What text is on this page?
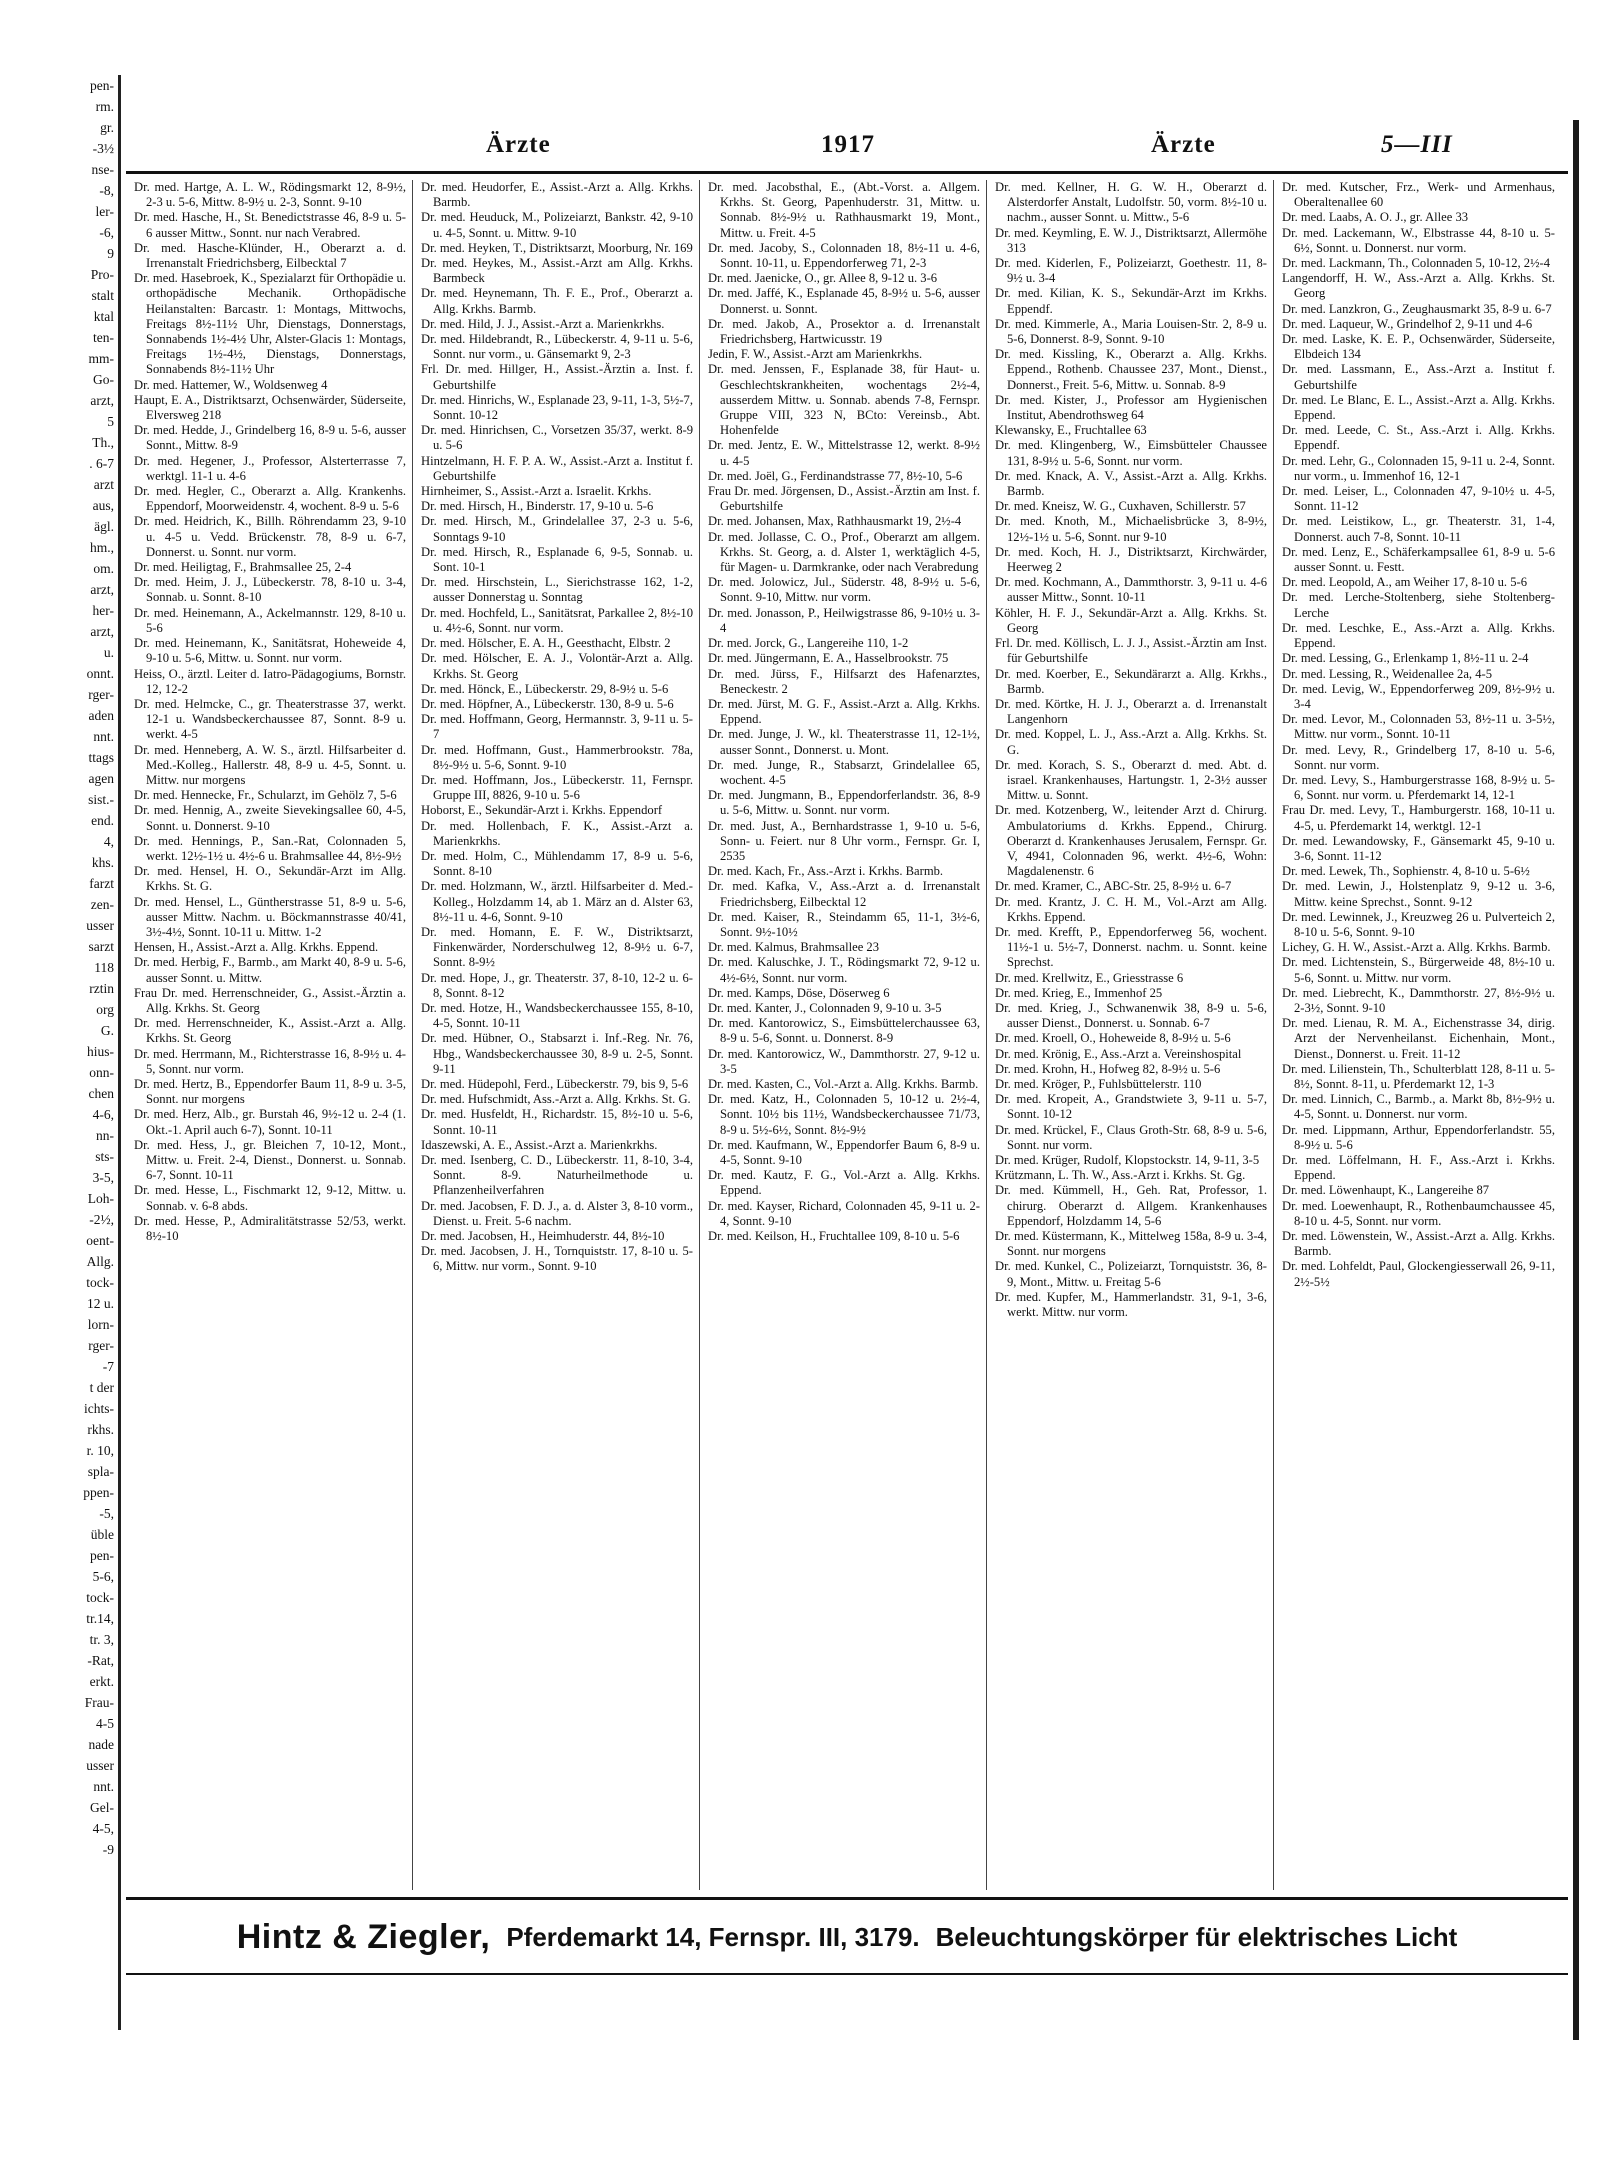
pen-
rm.
gr.
-3½
nse-
-8,
ler-
-6,
9
Pro-
stalt
ktal
ten-
mm-
Go-
arzt,
5
Th.,
. 6-7
arzt
aus,
ägl.
hm.,
om.
arzt,
her-
arzt,
u.
onnt.
rger-
aden
nnt.
ttags
agen
sist.-
end.
4,
khs.
farzt
zen-
usser
sarzt
118
rztin
org
G.
hius-
onn-
chen
4-6,
nn-
sts-
3-5,
Loh-
-2½,
oent-
Allg.
tock-
12 u.
lorn-
rger-
-7
t der
ichts-
rkhs.
r. 10,
spla-
ppen-
-5,
üble
pen-
5-6,
tock-
tr.14,
tr. 3,
-Rat,
erkt.
Frau-
4-5
nade
usser
nnt.
Gel-
4-5,
-9
Ärzte	1917	Ärzte	5—III

Dr. med. Hartge, A. L. W., Rödingsmarkt 12, 8-9½, 2-3 u. 5-6, Mittw. 8-9½ u. 2-3, Sonnt. 9-10

Dr. med. Hasche, H., St. Benedictstrasse 46, 8-9 u. 5-6 ausser Mittw., Sonnt. nur nach Verabred.

Dr. med. Hasche-Klünder, H., Oberarzt a. d. Irrenanstalt Friedrichsberg, Eilbecktal 7

Dr. med. Hasebroek, K., Spezialarzt für Orthopädie u. orthopädische Mechanik. Orthopädische Heilanstalten: Barcastr. 1: Montags, Mittwochs, Freitags 8½-11½ Uhr, Dienstags, Donnerstags, Sonnabends 1½-4½ Uhr, Alster-Glacis 1: Montags, Freitags 1½-4½, Dienstags, Donnerstags, Sonnabends 8½-11½ Uhr

Dr. med. Hattemer, W., Woldsenweg 4

Haupt, E. A., Distriktsarzt, Ochsenwärder, Süderseite, Elversweg 218

Dr. med. Hedde, J., Grindelberg 16, 8-9 u. 5-6, ausser Sonnt., Mittw. 8-9

Dr. med. Hegener, J., Professor, Alsterterrasse 7, werktgl. 11-1 u. 4-6

Dr. med. Hegler, C., Oberarzt a. Allg. Krankenhs. Eppendorf, Moorweidenstr. 4, wochent. 8-9 u. 5-6

Dr. med. Heidrich, K., Billh. Röhrendamm 23, 9-10 u. 4-5 u. Vedd. Brückenstr. 78, 8-9 u. 6-7, Donnerst. u. Sonnt. nur vorm.

Dr. med. Heiligtag, F., Brahmsallee 25, 2-4

Dr. med. Heim, J. J., Lübeckerstr. 78, 8-10 u. 3-4, Sonnab. u. Sonnt. 8-10

Dr. med. Heinemann, A., Ackelmannstr. 129, 8-10 u. 5-6

Dr. med. Heinemann, K., Sanitätsrat, Hoheweide 4, 9-10 u. 5-6, Mittw. u. Sonnt. nur vorm.

Heiss, O., ärztl. Leiter d. Iatro-Pädagogiums, Bornstr. 12, 12-2

Dr. med. Helmcke, C., gr. Theaterstrasse 37, werkt. 12-1 u. Wandsbeckerchaussee 87, Sonnt. 8-9 u. werkt. 4-5

Dr. med. Henneberg, A. W. S., ärztl. Hilfsarbeiter d. Med.-Kolleg., Hallerstr. 48, 8-9 u. 4-5, Sonnt. u. Mittw. nur morgens

Dr. med. Hennecke, Fr., Schularzt, im Gehölz 7, 5-6

Dr. med. Hennig, A., zweite Sievekingsallee 60, 4-5, Sonnt. u. Donnerst. 9-10

Dr. med. Hennings, P., San.-Rat, Colonnaden 5, werkt. 12½-1½ u. 4½-6 u. Brahmsallee 44, 8½-9½

Dr. med. Hensel, H. O., Sekundär-Arzt im Allg. Krkhs. St. G.

Dr. med. Hensel, L., Güntherstrasse 51, 8-9 u. 5-6, ausser Mittw. Nachm. u. Böckmannstrasse 40/41, 3½-4½, Sonnt. 10-11 u. Mittw. 1-2

Hensen, H., Assist.-Arzt a. Allg. Krkhs. Eppend.

Dr. med. Herbig, F., Barmb., am Markt 40, 8-9 u. 5-6, ausser Sonnt. u. Mittw.

Frau Dr. med. Herrenschneider, G., Assist.-Ärztin a. Allg. Krkhs. St. Georg

Dr. med. Herrenschneider, K., Assist.-Arzt a. Allg. Krkhs. St. Georg

Dr. med. Herrmann, M., Richterstrasse 16, 8-9½ u. 4-5, Sonnt. nur vorm.

Dr. med. Hertz, B., Eppendorfer Baum 11, 8-9 u. 3-5, Sonnt. nur morgens

Dr. med. Herz, Alb., gr. Burstah 46, 9½-12 u. 2-4 (1. Okt.-1. April auch 6-7), Sonnt. 10-11

Dr. med. Hess, J., gr. Bleichen 7, 10-12, Mont., Mittw. u. Freit. 2-4, Dienst., Donnerst. u. Sonnab. 6-7, Sonnt. 10-11

Dr. med. Hesse, L., Fischmarkt 12, 9-12, Mittw. u. Sonnab. v. 6-8 abds.

Dr. med. Hesse, P., Admiralitätstrasse 52/53, werkt. 8½-10

Dr. med. Heudorfer, E., Assist.-Arzt a. Allg. Krkhs. Barmb.

Dr. med. Heuduck, M., Polizeiarzt, Bankstr. 42, 9-10 u. 4-5, Sonnt. u. Mittw. 9-10

Dr. med. Heyken, T., Distriktsarzt, Moorburg, Nr. 169

Dr. med. Heykes, M., Assist.-Arzt am Allg. Krkhs. Barmbeck

Dr. med. Heynemann, Th. F. E., Prof., Oberarzt a. Allg. Krkhs. Barmb.

Dr. med. Hild, J. J., Assist.-Arzt a. Marienkrkhs.

Dr. med. Hildebrandt, R., Lübeckerstr. 4, 9-11 u. 5-6, Sonnt. nur vorm., u. Gänsemarkt 9, 2-3

Frl. Dr. med. Hillger, H., Assist.-Ärztin a. Inst. f. Geburtshilfe

Dr. med. Hinrichs, W., Esplanade 23, 9-11, 1-3, 5½-7, Sonnt. 10-12

Dr. med. Hinrichsen, C., Vorsetzen 35/37, werkt. 8-9 u. 5-6

Hintzelmann, H. F. P. A. W., Assist.-Arzt a. Institut f. Geburtshilfe

Hirnheimer, S., Assist.-Arzt a. Israelit. Krkhs.

Dr. med. Hirsch, H., Binderstr. 17, 9-10 u. 5-6

Dr. med. Hirsch, M., Grindelallee 37, 2-3 u. 5-6, Sonntags 9-10

Dr. med. Hirsch, R., Esplanade 6, 9-5, Sonnab. u. Sont. 10-1

Dr. med. Hirschstein, L., Sierichstrasse 162, 1-2, ausser Donnerstag u. Sonntag

Dr. med. Hochfeld, L., Sanitätsrat, Parkallee 2, 8½-10 u. 4½-6, Sonnt. nur vorm.

Dr. med. Hölscher, E. A. H., Geesthacht, Elbstr. 2

Dr. med. Hölscher, E. A. J., Volontär-Arzt a. Allg. Krkhs. St. Georg

Dr. med. Hönck, E., Lübeckerstr. 29, 8-9½ u. 5-6

Dr. med. Höpfner, A., Lübeckerstr. 130, 8-9 u. 5-6

Dr. med. Hoffmann, Georg, Hermannstr. 3, 9-11 u. 5-7

Dr. med. Hoffmann, Gust., Hammerbrookstr. 78a, 8½-9½ u. 5-6, Sonnt. 9-10

Dr. med. Hoffmann, Jos., Lübeckerstr. 11, Fernspr. Gruppe III, 8826, 9-10 u. 5-6

Hoborst, E., Sekundär-Arzt i. Krkhs. Eppendorf

Dr. med. Hollenbach, F. K., Assist.-Arzt a. Marienkrkhs.

Dr. med. Holm, C., Mühlendamm 17, 8-9 u. 5-6, Sonnt. 8-10

Dr. med. Holzmann, W., ärztl. Hilfsarbeiter d. Med.-Kolleg., Holzdamm 14, ab 1. März an d. Alster 63, 8½-11 u. 4-6, Sonnt. 9-10

Dr. med. Homann, E. F. W., Distriktsarzt, Finkenwärder, Norderschulweg 12, 8-9½ u. 6-7, Sonnt. 8-9½

Dr. med. Hope, J., gr. Theaterstr. 37, 8-10, 12-2 u. 6-8, Sonnt. 8-12

Dr. med. Hotze, H., Wandsbeckerchaussee 155, 8-10, 4-5, Sonnt. 10-11

Dr. med. Hübner, O., Stabsarzt i. Inf.-Reg. Nr. 76, Hbg., Wandsbeckerchaussee 30, 8-9 u. 2-5, Sonnt. 9-11

Dr. med. Hüdepohl, Ferd., Lübeckerstr. 79, bis 9, 5-6

Dr. med. Hufschmidt, Ass.-Arzt a. Allg. Krkhs. St. G.

Dr. med. Husfeldt, H., Richardstr. 15, 8½-10 u. 5-6, Sonnt. 10-11

Idaszewski, A. E., Assist.-Arzt a. Marienkrkhs.

Dr. med. Isenberg, C. D., Lübeckerstr. 11, 8-10, 3-4, Sonnt. 8-9. Naturheilmethode u. Pflanzenheilverfahren

Dr. med. Jacobsen, F. D. J., a. d. Alster 3, 8-10 vorm., Dienst. u. Freit. 5-6 nachm.

Dr. med. Jacobsen, H., Heimhuderstr. 44, 8½-10

Dr. med. Jacobsen, J. H., Tornquiststr. 17, 8-10 u. 5-6, Mittw. nur vorm., Sonnt. 9-10

Dr. med. Jacobsthal, E., (Abt.-Vorst. a. Allgem. Krkhs. St. Georg, Papenhuderstr. 31, Mittw. u. Sonnab. 8½-9½ u. Rathhausmarkt 19, Mont., Mittw. u. Freit. 4-5

Dr. med. Jacoby, S., Colonnaden 18, 8½-11 u. 4-6, Sonnt. 10-11, u. Eppendorferweg 71, 2-3

Dr. med. Jaenicke, O., gr. Allee 8, 9-12 u. 3-6

Dr. med. Jaffé, K., Esplanade 45, 8-9½ u. 5-6, ausser Donnerst. u. Sonnt.

Dr. med. Jakob, A., Prosektor a. d. Irrenanstalt Friedrichsberg, Hartwicusstr. 19

Jedin, F. W., Assist.-Arzt am Marienkrkhs.

Dr. med. Jenssen, F., Esplanade 38, für Haut- u. Geschlechtskrankheiten, wochentags 2½-4, ausserdem Mittw. u. Sonnab. abends 7-8, Fernspr. Gruppe VIII, 323 N, BCto: Vereinsb., Abt. Hohenfelde

Dr. med. Jentz, E. W., Mittelstrasse 12, werkt. 8-9½ u. 4-5

Dr. med. Joël, G., Ferdinandstrasse 77, 8½-10, 5-6

Frau Dr. med. Jörgensen, D., Assist.-Ärztin am Inst. f. Geburtshilfe

Dr. med. Johansen, Max, Rathhausmarkt 19, 2½-4

Dr. med. Jollasse, C. O., Prof., Oberarzt am allgem. Krkhs. St. Georg, a. d. Alster 1, werktäglich 4-5, für Magen- u. Darmkranke, oder nach Verabredung

Dr. med. Jolowicz, Jul., Süderstr. 48, 8-9½ u. 5-6, Sonnt. 9-10, Mittw. nur vorm.

Dr. med. Jonasson, P., Heilwigstrasse 86, 9-10½ u. 3-4

Dr. med. Jorck, G., Langereihe 110, 1-2

Dr. med. Jüngermann, E. A., Hasselbrookstr. 75

Dr. med. Jürss, F., Hilfsarzt des Hafenarztes, Beneckestr. 2

Dr. med. Jürst, M. G. F., Assist.-Arzt a. Allg. Krkhs. Eppend.

Dr. med. Junge, J. W., kl. Theaterstrasse 11, 12-1½, ausser Sonnt., Donnerst. u. Mont.

Dr. med. Junge, R., Stabsarzt, Grindelallee 65, wochent. 4-5

Dr. med. Jungmann, B., Eppendorferlandstr. 36, 8-9 u. 5-6, Mittw. u. Sonnt. nur vorm.

Dr. med. Just, A., Bernhardstrasse 1, 9-10 u. 5-6, Sonn- u. Feiert. nur 8 Uhr vorm., Fernspr. Gr. I, 2535

Dr. med. Kach, Fr., Ass.-Arzt i. Krkhs. Barmb.

Dr. med. Kafka, V., Ass.-Arzt a. d. Irrenanstalt Friedrichsberg, Eilbecktal 12

Dr. med. Kaiser, R., Steindamm 65, 11-1, 3½-6, Sonnt. 9½-10½

Dr. med. Kalmus, Brahmsallee 23

Dr. med. Kaluschke, J. T., Rödingsmarkt 72, 9-12 u. 4½-6½, Sonnt. nur vorm.

Dr. med. Kamps, Döse, Döserweg 6

Dr. med. Kanter, J., Colonnaden 9, 9-10 u. 3-5

Dr. med. Kantorowicz, S., Eimsbüttelerchaussee 63, 8-9 u. 5-6, Sonnt. u. Donnerst. 8-9

Dr. med. Kantorowicz, W., Dammthorstr. 27, 9-12 u. 3-5

Dr. med. Kasten, C., Vol.-Arzt a. Allg. Krkhs. Barmb.

Dr. med. Katz, H., Colonnaden 5, 10-12 u. 2½-4, Sonnt. 10½ bis 11½, Wandsbeckerchaussee 71/73, 8-9 u. 5½-6½, Sonnt. 8½-9½

Dr. med. Kaufmann, W., Eppendorfer Baum 6, 8-9 u. 4-5, Sonnt. 9-10

Dr. med. Kautz, F. G., Vol.-Arzt a. Allg. Krkhs. Eppend.

Dr. med. Kayser, Richard, Colonnaden 45, 9-11 u. 2-4, Sonnt. 9-10

Dr. med. Keilson, H., Fruchtallee 109, 8-10 u. 5-6

Dr. med. Kellner, H. G. W. H., Oberarzt d. Alsterdorfer Anstalt, Ludolfstr. 50, vorm. 8½-10 u. nachm., ausser Sonnt. u. Mittw., 5-6

Dr. med. Keymling, E. W. J., Distriktsarzt, Allermöhe 313

Dr. med. Kiderlen, F., Polizeiarzt, Goethestr. 11, 8-9½ u. 3-4

Dr. med. Kilian, K. S., Sekundär-Arzt im Krkhs. Eppendf.

Dr. med. Kimmerle, A., Maria Louisen-Str. 2, 8-9 u. 5-6, Donnerst. 8-9, Sonnt. 9-10

Dr. med. Kissling, K., Oberarzt a. Allg. Krkhs. Eppend., Rothenb. Chaussee 237, Mont., Dienst., Donnerst., Freit. 5-6, Mittw. u. Sonnab. 8-9

Dr. med. Kister, J., Professor am Hygienischen Institut, Abendrothsweg 64

Klewansky, E., Fruchtallee 63

Dr. med. Klingenberg, W., Eimsbütteler Chaussee 131, 8-9½ u. 5-6, Sonnt. nur vorm.

Dr. med. Knack, A. V., Assist.-Arzt a. Allg. Krkhs. Barmb.

Dr. med. Kneisz, W. G., Cuxhaven, Schillerstr. 57

Dr. med. Knoth, M., Michaelisbrücke 3, 8-9½, 12½-1½ u. 5-6, Sonnt. nur 9-10

Dr. med. Koch, H. J., Distriktsarzt, Kirchwärder, Heerweg 2

Dr. med. Kochmann, A., Dammthorstr. 3, 9-11 u. 4-6 ausser Mittw., Sonnt. 10-11

Köhler, H. F. J., Sekundär-Arzt a. Allg. Krkhs. St. Georg

Frl. Dr. med. Köllisch, L. J. J., Assist.-Ärztin am Inst. für Geburtshilfe

Dr. med. Koerber, E., Sekundärarzt a. Allg. Krkhs., Barmb.

Dr. med. Körtke, H. J. J., Oberarzt a. d. Irrenanstalt Langenhorn

Dr. med. Koppel, L. J., Ass.-Arzt a. Allg. Krkhs. St. G.

Dr. med. Korach, S. S., Oberarzt d. med. Abt. d. israel. Krankenhauses, Hartungstr. 1, 2-3½ ausser Mittw. u. Sonnt.

Dr. med. Kotzenberg, W., leitender Arzt d. Chirurg. Ambulatoriums d. Krkhs. Eppend., Chirurg. Oberarzt d. Krankenhauses Jerusalem, Fernspr. Gr. V, 4941, Colonnaden 96, werkt. 4½-6, Wohn: Magdalenenstr. 6

Dr. med. Kramer, C., ABC-Str. 25, 8-9½ u. 6-7

Dr. med. Krantz, J. C. H. M., Vol.-Arzt am Allg. Krkhs. Eppend.

Dr. med. Krefft, P., Eppendorferweg 56, wochent. 11½-1 u. 5½-7, Donnerst. nachm. u. Sonnt. keine Sprechst.

Dr. med. Krellwitz, E., Griesstrasse 6

Dr. med. Krieg, E., Immenhof 25

Dr. med. Krieg, J., Schwanenwik 38, 8-9 u. 5-6, ausser Dienst., Donnerst. u. Sonnab. 6-7

Dr. med. Kroell, O., Hoheweide 8, 8-9½ u. 5-6

Dr. med. Krönig, E., Ass.-Arzt a. Vereinshospital

Dr. med. Krohn, H., Hofweg 82, 8-9½ u. 5-6

Dr. med. Kröger, P., Fuhlsbüttelerstr. 110

Dr. med. Kropeit, A., Grandstwiete 3, 9-11 u. 5-7, Sonnt. 10-12

Dr. med. Krückel, F., Claus Groth-Str. 68, 8-9 u. 5-6, Sonnt. nur vorm.

Dr. med. Krüger, Rudolf, Klopstockstr. 14, 9-11, 3-5

Krützmann, L. Th. W., Ass.-Arzt i. Krkhs. St. Gg.

Dr. med. Kümmell, H., Geh. Rat, Professor, 1. chirurg. Oberarzt d. Allgem. Krankenhauses Eppendorf, Holzdamm 14, 5-6

Dr. med. Küstermann, K., Mittelweg 158a, 8-9 u. 3-4, Sonnt. nur morgens

Dr. med. Kunkel, C., Polizeiarzt, Tornquiststr. 36, 8-9, Mont., Mittw. u. Freitag 5-6

Dr. med. Kupfer, M., Hammerlandstr. 31, 9-1, 3-6, werkt. Mittw. nur vorm.

Dr. med. Kutscher, Frz., Werk- und Armenhaus, Oberaltenallee 60

Dr. med. Laabs, A. O. J., gr. Allee 33

Dr. med. Lackemann, W., Elbstrasse 44, 8-10 u. 5-6½, Sonnt. u. Donnerst. nur vorm.

Dr. med. Lackmann, Th., Colonnaden 5, 10-12, 2½-4

Langendorff, H. W., Ass.-Arzt a. Allg. Krkhs. St. Georg

Dr. med. Lanzkron, G., Zeughausmarkt 35, 8-9 u. 6-7

Dr. med. Laqueur, W., Grindelhof 2, 9-11 und 4-6

Dr. med. Laske, K. E. P., Ochsenwärder, Süderseite, Elbdeich 134

Dr. med. Lassmann, E., Ass.-Arzt a. Institut f. Geburtshilfe

Dr. med. Le Blanc, E. L., Assist.-Arzt a. Allg. Krkhs. Eppend.

Dr. med. Leede, C. St., Ass.-Arzt i. Allg. Krkhs. Eppendf.

Dr. med. Lehr, G., Colonnaden 15, 9-11 u. 2-4, Sonnt. nur vorm., u. Immenhof 16, 12-1

Dr. med. Leiser, L., Colonnaden 47, 9-10½ u. 4-5, Sonnt. 11-12

Dr. med. Leistikow, L., gr. Theaterstr. 31, 1-4, Donnerst. auch 7-8, Sonnt. 10-11

Dr. med. Lenz, E., Schäferkampsallee 61, 8-9 u. 5-6 ausser Sonnt. u. Festt.

Dr. med. Leopold, A., am Weiher 17, 8-10 u. 5-6

Dr. med. Lerche-Stoltenberg, siehe Stoltenberg-Lerche

Dr. med. Leschke, E., Ass.-Arzt a. Allg. Krkhs. Eppend.

Dr. med. Lessing, G., Erlenkamp 1, 8½-11 u. 2-4

Dr. med. Lessing, R., Weidenallee 2a, 4-5

Dr. med. Levig, W., Eppendorferweg 209, 8½-9½ u. 3-4

Dr. med. Levor, M., Colonnaden 53, 8½-11 u. 3-5½, Mittw. nur vorm., Sonnt. 10-11

Dr. med. Levy, R., Grindelberg 17, 8-10 u. 5-6, Sonnt. nur vorm.

Dr. med. Levy, S., Hamburgerstrasse 168, 8-9½ u. 5-6, Sonnt. nur vorm. u. Pferdemarkt 14, 12-1

Frau Dr. med. Levy, T., Hamburgerstr. 168, 10-11 u. 4-5, u. Pferdemarkt 14, werktgl. 12-1

Dr. med. Lewandowsky, F., Gänsemarkt 45, 9-10 u. 3-6, Sonnt. 11-12

Dr. med. Lewek, Th., Sophienstr. 4, 8-10 u. 5-6½

Dr. med. Lewin, J., Holstenplatz 9, 9-12 u. 3-6, Mittw. keine Sprechst., Sonnt. 9-12

Dr. med. Lewinnek, J., Kreuzweg 26 u. Pulverteich 2, 8-10 u. 5-6, Sonnt. 9-10

Lichey, G. H. W., Assist.-Arzt a. Allg. Krkhs. Barmb.

Dr. med. Lichtenstein, S., Bürgerweide 48, 8½-10 u. 5-6, Sonnt. u. Mittw. nur vorm.

Dr. med. Liebrecht, K., Dammthorstr. 27, 8½-9½ u. 2-3½, Sonnt. 9-10

Dr. med. Lienau, R. M. A., Eichenstrasse 34, dirig. Arzt der Nervenheilanst. Eichenhain, Mont., Dienst., Donnerst. u. Freit. 11-12

Dr. med. Lilienstein, Th., Schulterblatt 128, 8-11 u. 5-8½, Sonnt. 8-11, u. Pferdemarkt 12, 1-3

Dr. med. Linnich, C., Barmb., a. Markt 8b, 8½-9½ u. 4-5, Sonnt. u. Donnerst. nur vorm.

Dr. med. Lippmann, Arthur, Eppendorferlandstr. 55, 8-9½ u. 5-6

Dr. med. Löffelmann, H. F., Ass.-Arzt i. Krkhs. Eppend.

Dr. med. Löwenhaupt, K., Langereihe 87

Dr. med. Loewenhaupt, R., Rothenbaumchaussee 45, 8-10 u. 4-5, Sonnt. nur vorm.

Dr. med. Löwenstein, W., Assist.-Arzt a. Allg. Krkhs. Barmb.

Dr. med. Lohfeldt, Paul, Glockengiesserwall 26, 9-11, 2½-5½

Hintz & Ziegler, Pferdemarkt 14, Fernspr. III, 3179. Beleuchtungskörper für elektrisches Licht
